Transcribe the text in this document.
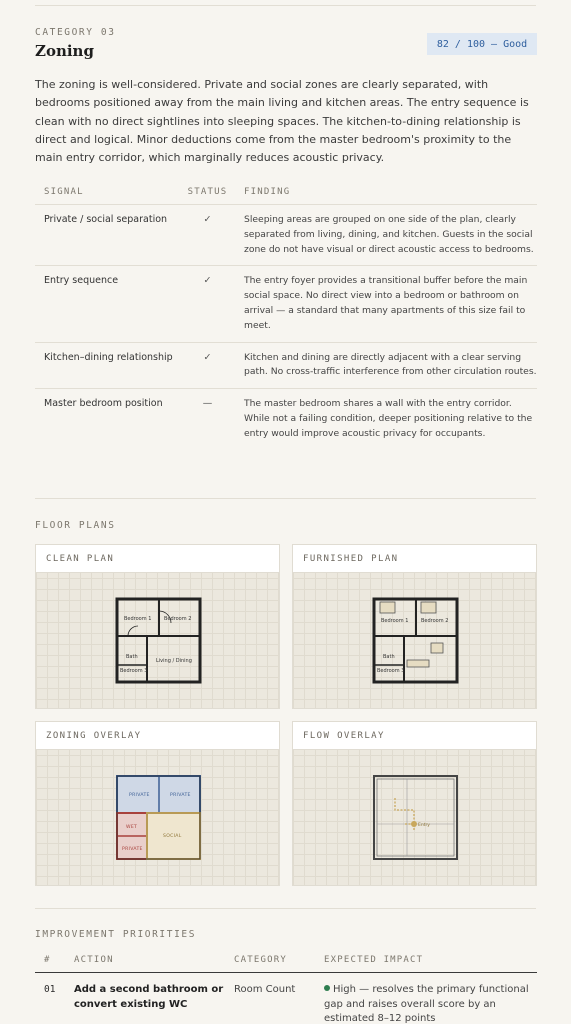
CATEGORY 03
Zoning	82 / 100 — Good

The zoning is well-considered. Private and social zones are clearly separated, with bedrooms positioned away from the main living and kitchen areas. The entry sequence is clean with no direct sightlines into sleeping spaces. The kitchen-to-dining relationship is direct and logical. Minor deductions come from the master bedroom's proximity to the main entry corridor, which marginally reduces acoustic privacy.

SIGNAL	STATUS	FINDING
Private / social separation	✓	Sleeping areas are grouped on one side of the plan, clearly separated from living, dining, and kitchen. Guests in the social zone do not have visual or direct acoustic access to bedrooms.
Entry sequence	✓	The entry foyer provides a transitional buffer before the main social space. No direct view into a bedroom or bathroom on arrival — a standard that many apartments of this size fail to meet.
Kitchen–dining relationship	✓	Kitchen and dining are directly adjacent with a clear serving path. No cross-traffic interference from other circulation routes.
Master bedroom position	—	The master bedroom shares a wall with the entry corridor. While not a failing condition, deeper positioning relative to the entry would improve acoustic privacy for occupants.
FLOOR PLANS
CLEAN PLAN
Bedroom 1	Bedroom 2
Bath
Bedroom 3
Living / Dining
FURNISHED PLAN
Bedroom 1	Bedroom 2
Bath
Bedroom 3
ZONING OVERLAY
PRIVATE	PRIVATE
WET
PRIVATE
SOCIAL
FLOW OVERLAY
Entry
IMPROVEMENT PRIORITIES
#	ACTION	CATEGORY	EXPECTED IMPACT
01	Add a second bathroom or convert existing WC	Room Count	High — resolves the primary functional gap and raises overall score by an estimated 8–12 points
